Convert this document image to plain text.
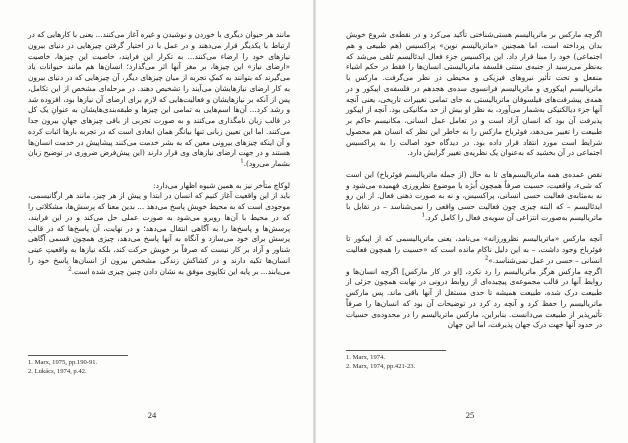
مانند هر حیوان دیگری با خوردن و نوشیدن و غیره آغاز می‌کنند... یعنی با کارهایی که در ارتباط با یکدیگر قرار می‌دهند و در عمل با در اختیار گرفتن چیزهایی در دنیای بیرون نیازهای خود را ارضاء می‌کنند... به تکرار این فرایند، خاصیت این چیزها، خاصیت «ارضای نیاز» این چیزها، بر مغز آنها اثر می‌گذارد؛ انسان‌ها هم مانند حیوانات یاد می‌گیرند که بتوانند به کمکِ تجربه از میان چیزهای دیگر، آن چیزهایی که در دنیای بیرون به کار ارضای نیازهایشان می‌آیند را تشخیص دهند. در مرحله‌ای مشخص از این تکامل، پس از آنکه بر نیازهایشان و فعالیت‌هایی که لازم برای ارضای آن نیازها بود، افزوده شد و رشد کرد... آن‌ها اسم‌هایی به تمامی این چیزها و طبقه‌بندی‌هایشان به عنوانِ یک کل در قالب زبان نامگذاری می‌کنند و به صورت تجربی از باقی چیزهای جهانِ بیرون جدا می‌کنند. اما این تعیین زبانی تنها بیانگر همان ابعادی است که در تجربه بارها اثبات کرده و آن اینکه چیزهای بیرونی معین که به بشر خدمت می‌کنند پیشاپیش در خدمت انسان‌ها هستند و در جهت ارضای نیازهای وی قرار دارند (این پیش‌فرض ضروری در توضیح زبان بشمار می‌رود).$^1$

لوکاچ متأخر نیز به همین شیوه اظهار می‌دارد:

باید از این واقعیت آغاز کنیم که انسان در ابتدا و پیش از هر چیز، مانند هر ارگانیسمی، موجودی است که به محیط خویش پاسخ می‌دهد ... بدین معنا که پرسش‌ها، مشکلاتی را که در محیط با آن‌ها روبرو می‌شود به صورت عملی حل می‌کند و در این فرایند، پرسش‌ها و پاسخ‌ها را به آگاهی انتقال می‌دهد؛ و در نهایت، آن پاسخ‌ها که در قالب پرسش برای خود می‌سازد و آنگاه به آنها پاسخ می‌دهد، چیزی همچون قسمی آگاهی شناور و آزاد بر کار نیست که صرفاً بر خویش حرکت کند، بلکه نیازها به واقعیتِ عینی انسان‌ها تکیه دارند و در کشاکش زندگی مشخص بیرون از انسان‌ها پاسخ خود را می‌یابند... بر پایه این تکاپوی موفق به نشان دادن چنین چیزی شده است.$^2$

1. Marx, 1975, pp.190-91.
2. Lukács, 1974, p.42.
24

اگرچه مارکس بر ماتریالیسم هستی‌شناختی تأکید می‌کرد و در نقطه‌ی شروع خویش بدان پرداخته است، اما همچنین «ماتریالیسم نوین» پراکسیس (هم طبیعی و هم اجتماعی) خود را مبنا قرار داد. این پراکسیس جزء فعال ایدئالیسم تلقی می‌شد که به‌نظر می‌رسید از جنبه‌ی سنتی فلسفه ماتریالیستی انسان‌ها را فقط در حکم اشیاء منفعل و تحت تأثیر نیروهای فیزیکی و محیطی در نظر می‌گرفت. مارکس با ماتریالیسم اپیکوری و ماتریالیسم فرانسوی سده‌ی هجدهم در فلسفه‌ی اپیکور و در همه‌ی پیشرفت‌های فیلسوفان ماتریالیستی به جای تمامی تغییرات تاریخی، یعنی آنچه آنها جزء دیالکتیکی به‌شمار می‌آورد، به نظر او بیش از حد مکانیکی بود. آنچه از اپیکور پذیرفت آن بود که انسان آزاد است و در تعامل عمل انسانی، مکانیسم حاکم بر طبیعت را تغییر می‌دهد، فوئرباخ مارکس را به خاطر این نظر که انسان هم محصول شرایط است مورد انتقاد قرار داده بود. در دیدگاه خود اصالت را به پراکسیس اجتماعی در آن بخشید که به‌عنوان یک نظریه‌ی تغییر گرایش دارد.

نقص عمده‌ی همه ماتریالیسم‌های تا به حال (از جمله ماتریالیسم فوئرباخ) این است که شیء، واقعیت، حسیت صرفاً همچون اُبژه یا موضوع نظرورزی فهمیده می‌شود و نه به‌مثابه‌ی فعالیت حسی انسانی، پراکسیس، و نه به صورت ذهنی فعال. از این رو ایدئالیسم – که البته چیزی چون فعالیت حسی واقعی را نمی‌شناسد – در تقابل با ماتریالیسم به‌صورت انتزاعی آن سویه‌ی فعال را کامل کرد.$^1$

آنچه مارکس «ماتریالیسم نظرورزانه» می‌نامد، یعنی ماتریالیسمی که از اپیکور تا فوئرباخ وجود داشت، – به این دلیل ناکام مانده است که «حسیت را همچون فعالیت انسانی – حسی در عمل نمی‌شناسد.»$^2$

اگرچه مارکس هرگز ماتریالیسم را رد نکرد، [او در کار مارکس] اگرچه انسان‌ها و روابط آنها در قالب مجموعه‌ی پیچیده‌ای از روابط درونی در نهایت همچون جزئی از طبیعت درک شده، طبیعت همیشه تا حدی مستقل از آنها باقی ماند. پس مارکس ماتریالیسم را حفظ کرد و آنچه رد کرد در توضیحات آن بود که انسان‌ها را صرفاً تأثیرپذیر از طبیعت می‌دانست. بنابراین، مارکس ماتریالیسم را در محدوده‌ی حسیات در حدود آنها جهت درک جهان پذیرفت، اما این جهان

1. Marx, 1974.
2. Marx, 1974, pp.421-23.
25
